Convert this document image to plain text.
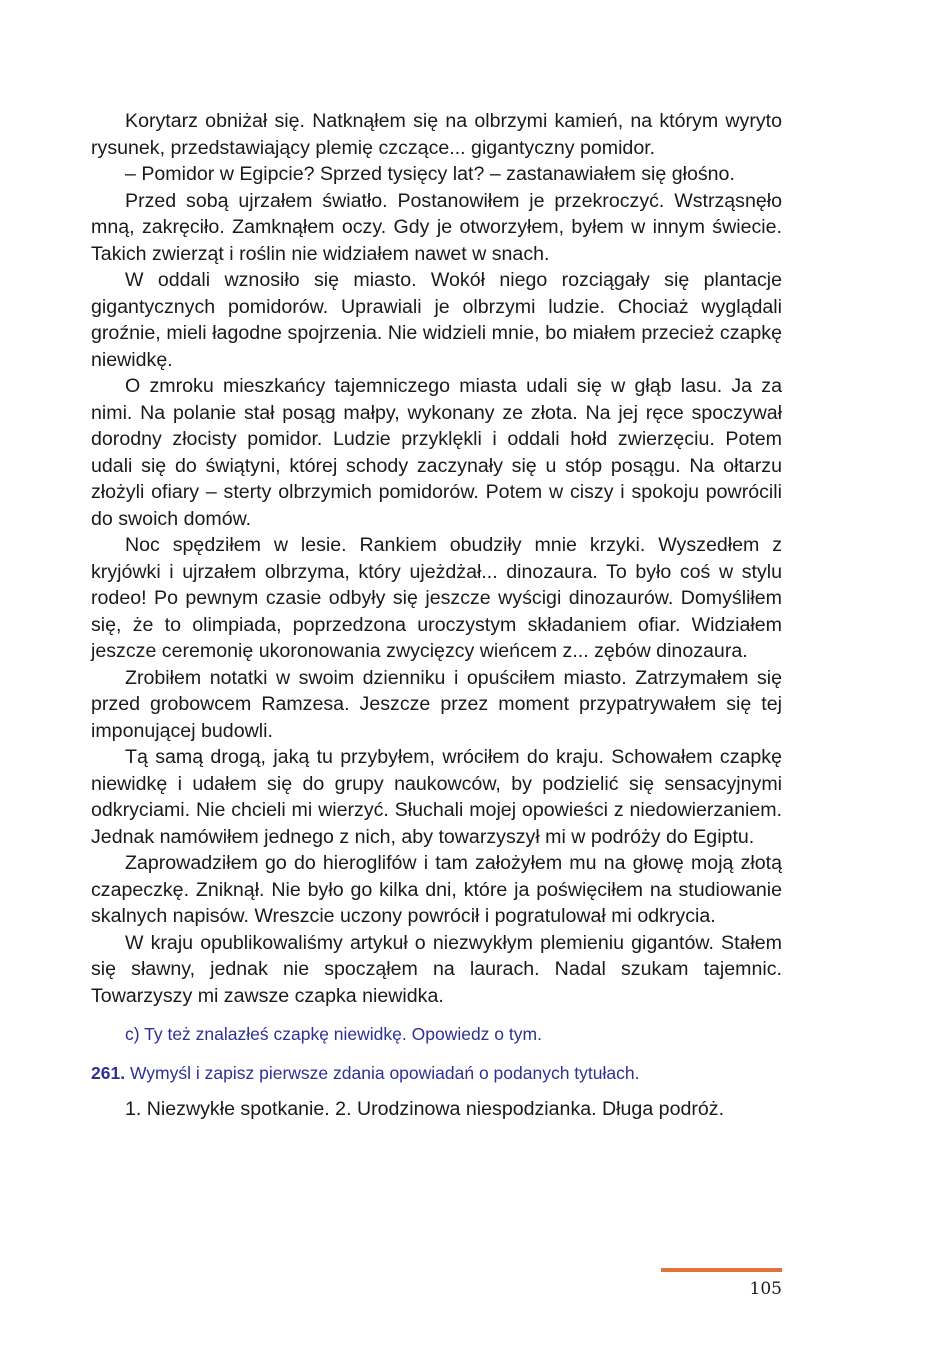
Korytarz obniżał się. Natknąłem się na olbrzymi kamień, na którym wyryto rysunek, przedstawiający plemię czczące... gigantyczny pomidor.

– Pomidor w Egipcie? Sprzed tysięcy lat? – zastanawiałem się głośno.

Przed sobą ujrzałem światło. Postanowiłem je przekroczyć. Wstrząsnęło mną, zakręciło. Zamknąłem oczy. Gdy je otworzyłem, byłem w innym świecie. Takich zwierząt i roślin nie widziałem nawet w snach.

W oddali wznosiło się miasto. Wokół niego rozciągały się plantacje gigantycznych pomidorów. Uprawiali je olbrzymi ludzie. Chociaż wyglądali groźnie, mieli łagodne spojrzenia. Nie widzieli mnie, bo miałem przecież czapkę niewidkę.

O zmroku mieszkańcy tajemniczego miasta udali się w głąb lasu. Ja za nimi. Na polanie stał posąg małpy, wykonany ze złota. Na jej ręce spoczywał dorodny złocisty pomidor. Ludzie przyklękli i oddali hołd zwierzęciu. Potem udali się do świątyni, której schody zaczynały się u stóp posągu. Na ołtarzu złożyli ofiary – sterty olbrzymich pomidorów. Potem w ciszy i spokoju powrócili do swoich domów.

Noc spędziłem w lesie. Rankiem obudziły mnie krzyki. Wyszedłem z kryjówki i ujrzałem olbrzyma, który ujeżdżał... dinozaura. To było coś w stylu rodeo! Po pewnym czasie odbyły się jeszcze wyścigi dinozaurów. Domyśliłem się, że to olimpiada, poprzedzona uroczystym składaniem ofiar. Widziałem jeszcze ceremonię ukoronowania zwycięzcy wieńcem z... zębów dinozaura.

Zrobiłem notatki w swoim dzienniku i opuściłem miasto. Zatrzymałem się przed grobowcem Ramzesa. Jeszcze przez moment przypatrywałem się tej imponującej budowli.

Tą samą drogą, jaką tu przybyłem, wróciłem do kraju. Schowałem czapkę niewidkę i udałem się do grupy naukowców, by podzielić się sensacyjnymi odkryciami. Nie chcieli mi wierzyć. Słuchali mojej opowieści z niedowierzaniem. Jednak namówiłem jednego z nich, aby towarzyszył mi w podróży do Egiptu.

Zaprowadziłem go do hieroglifów i tam założyłem mu na głowę moją złotą czapeczkę. Zniknął. Nie było go kilka dni, które ja poświęciłem na studiowanie skalnych napisów. Wreszcie uczony powrócił i pogratulował mi odkrycia.

W kraju opublikowaliśmy artykuł o niezwykłym plemieniu gigantów. Stałem się sławny, jednak nie spocząłem na laurach. Nadal szukam tajemnic. Towarzyszy mi zawsze czapka niewidka.

c) Ty też znalazłeś czapkę niewidkę. Opowiedz o tym.
261. Wymyśl i zapisz pierwsze zdania opowiadań o podanych tytułach.
1. Niezwykłe spotkanie. 2. Urodzinowa niespodzianka. Długa podróż.
105
